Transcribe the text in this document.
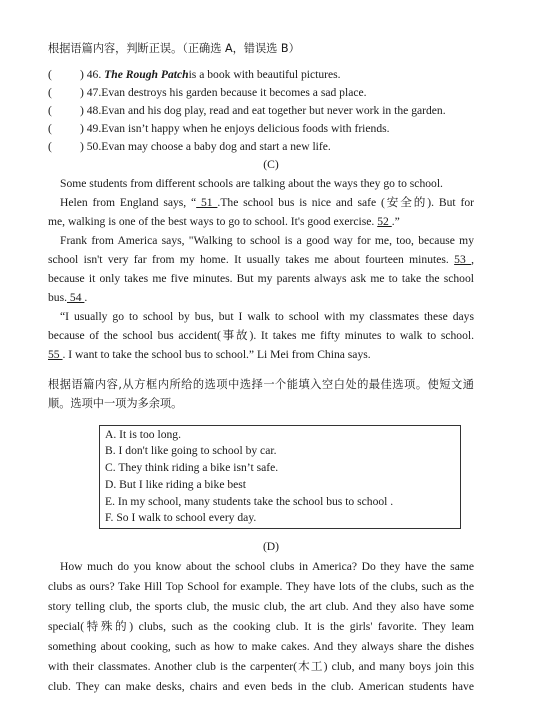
根据语篇内容，判断正误。（正确选 A，错误选 B）
(	) 46.
The Rough Patch is a book with beautiful pictures.
(	) 47. Evan destroys his garden because it becomes a sad place.
(	) 48. Evan and his dog play, read and eat together but never work in the garden.
(	) 49. Evan isn’t happy when he enjoys delicious foods with friends.
(	) 50. Evan may choose a baby dog and start a new life.
(C)
Some students from different schools are talking about the ways they go to school.
Helen from England says, “ 51 .The school bus is nice and safe (安全的). But for
me, walking is one of the best ways to go to school. It's good exercise. 52 .”
Frank from America says, "Walking to school is a good way for me, too, because my
school isn't very far from my home. It usually takes me about fourteen minutes. 53 ,
because it only takes me five minutes. But my parents always ask me to take the school
bus. 54 .
“I usually go to school by bus, but I walk to school with my classmates these days
because of the school bus accident(事故). It takes me fifty minutes to walk to school.
55 . I want to take the school bus to school.” Li Mei from China says.
根据语篇内容,从方框内所给的选项中选择一个能填入空白处的最佳选项。使短文通
顺。选项中一项为多余项。
A. It is too long.
B. I don't like going to school by car.
C. They think riding a bike isn’t safe.
D. But I like riding a bike best
E. In my school, many students take the school bus to school .
F. So I walk to school every day.
(D)
How much do you know about the school clubs in America? Do they have the same
clubs as ours? Take Hill Top School for example. They have lots of the clubs, such as the
story telling club, the sports club, the music club, the art club. And they also have some
special(特殊的) clubs, such as the cooking club. It is the girls' favorite. They leam
something about cooking, such as how to make cakes. And they always share the dishes
with their classmates. Another club is the carpenter(木工) club, and many boys join this
club. They can make desks, chairs and even beds in the club. American students have
